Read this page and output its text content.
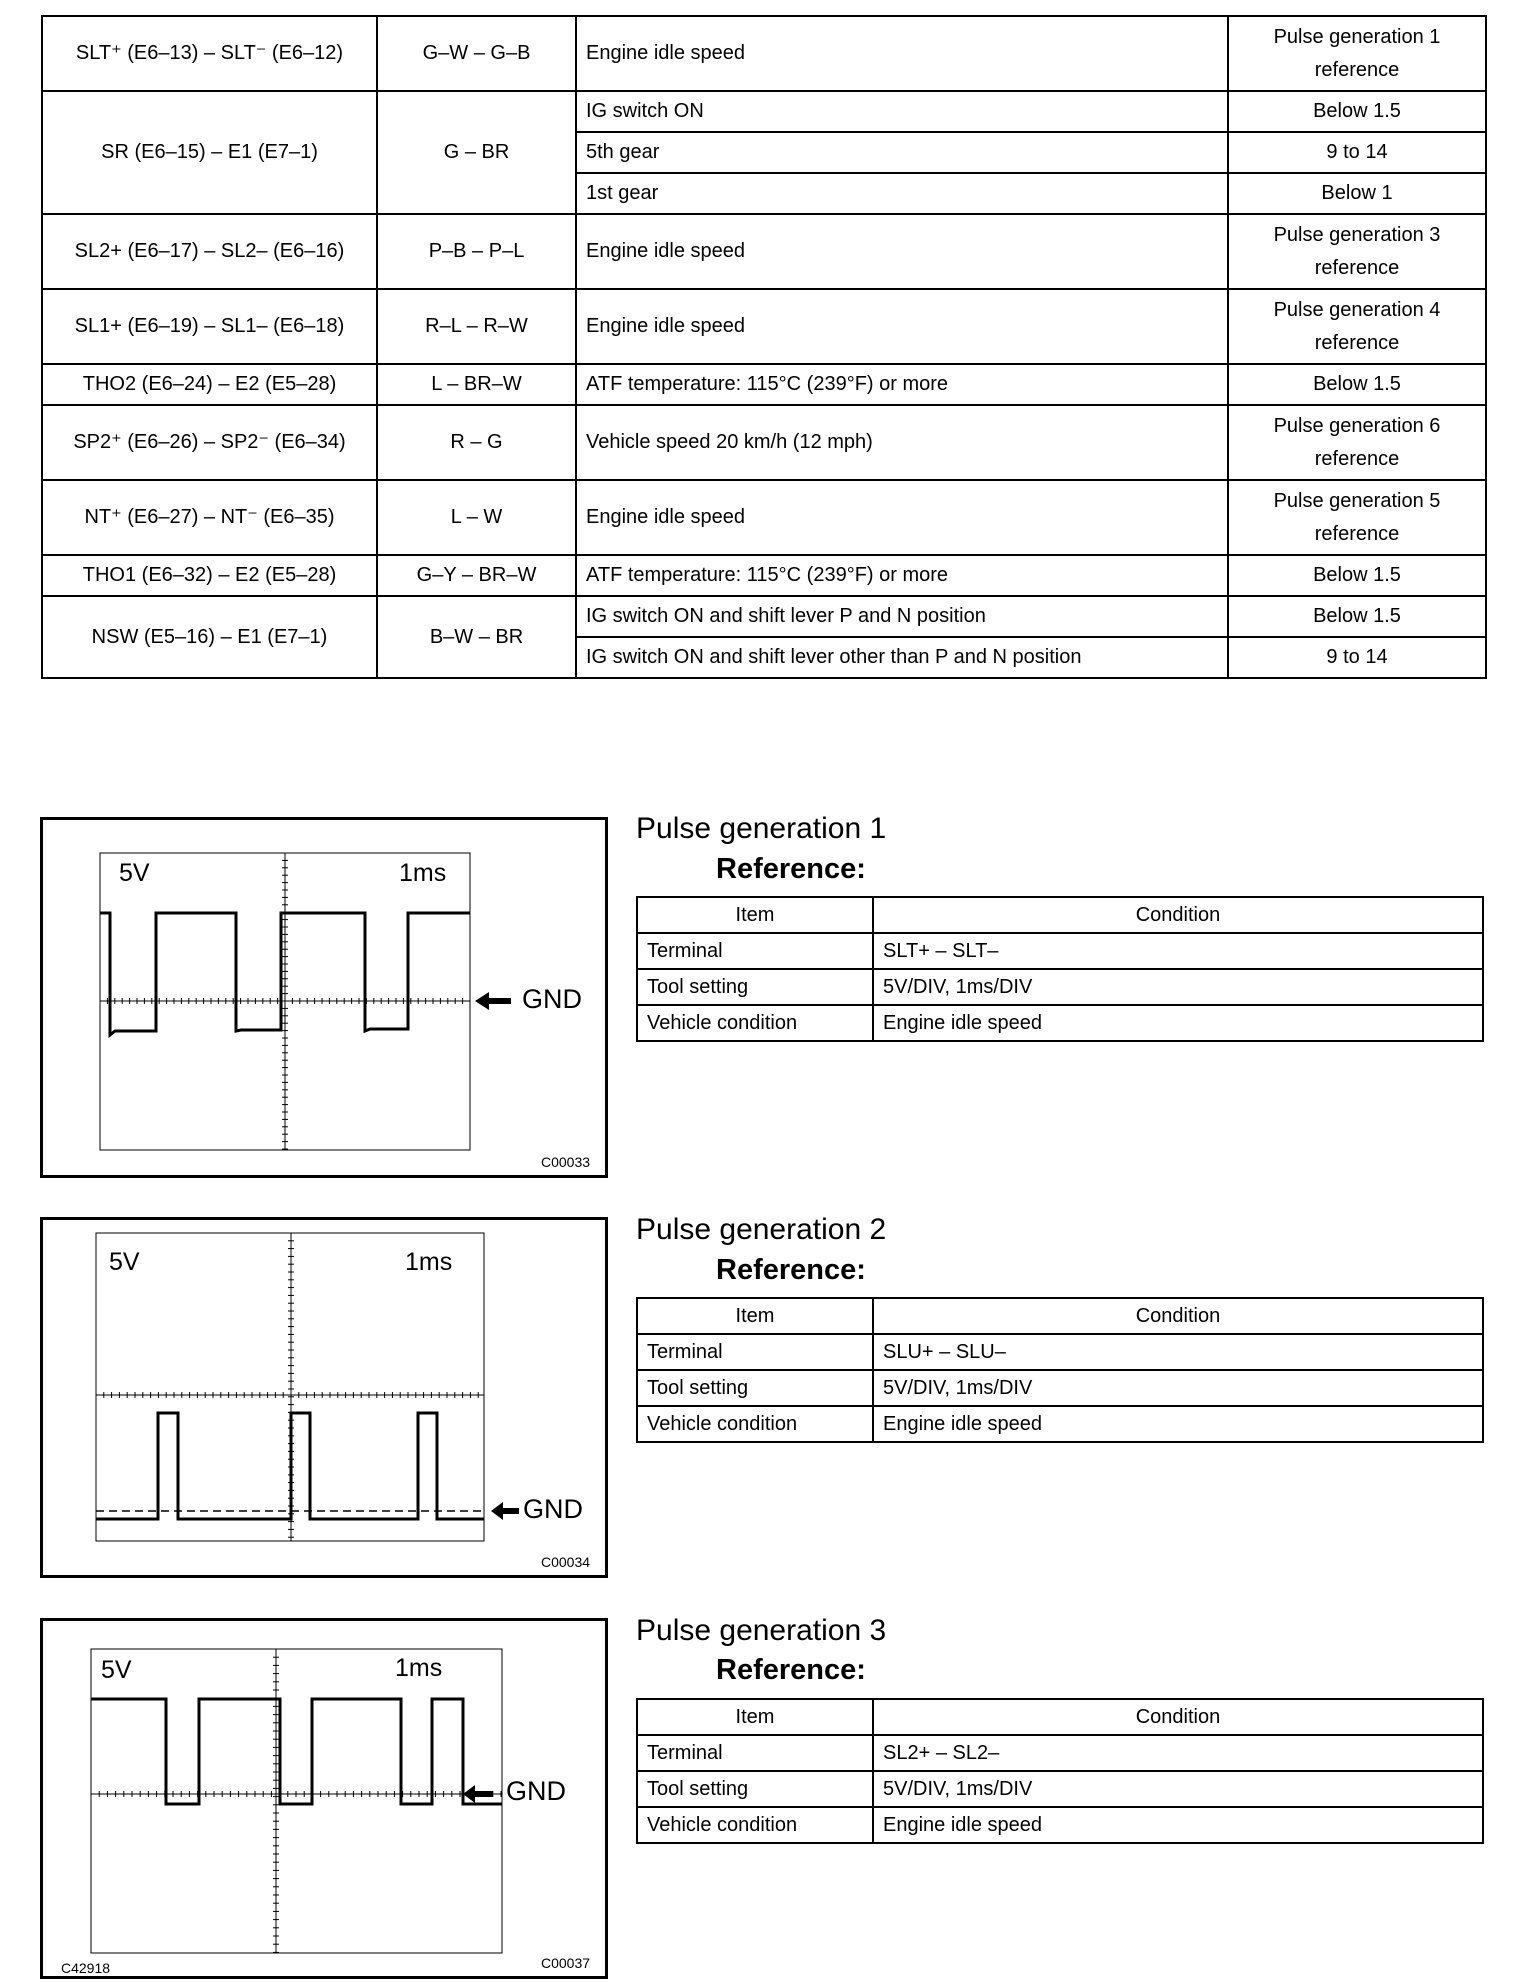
SLT⁺ (E6–13) – SLT⁻ (E6–12)	G–W – G–B	Engine idle speed	Pulse generation 1 reference
SR (E6–15) – E1 (E7–1)	G – BR	IG switch ON	Below 1.5
		5th gear	9 to 14
		1st gear	Below 1
SL2+ (E6–17) – SL2– (E6–16)	P–B – P–L	Engine idle speed	Pulse generation 3 reference
SL1+ (E6–19) – SL1– (E6–18)	R–L – R–W	Engine idle speed	Pulse generation 4 reference
THO2 (E6–24) – E2 (E5–28)	L – BR–W	ATF temperature: 115°C (239°F) or more	Below 1.5
SP2⁺ (E6–26) – SP2⁻ (E6–34)	R – G	Vehicle speed 20 km/h (12 mph)	Pulse generation 6 reference
NT⁺ (E6–27) – NT⁻ (E6–35)	L – W	Engine idle speed	Pulse generation 5 reference
THO1 (E6–32) – E2 (E5–28)	G–Y – BR–W	ATF temperature: 115°C (239°F) or more	Below 1.5
NSW (E5–16) – E1 (E7–1)	B–W – BR	IG switch ON and shift lever P and N position	Below 1.5
		IG switch ON and shift lever other than P and N position	9 to 14
5V	1ms
GND
C00033
Pulse generation 1
Reference:
Item	Condition
Terminal	SLT+ – SLT–
Tool setting	5V/DIV, 1ms/DIV
Vehicle condition	Engine idle speed
5V	1ms
GND
C00034
Pulse generation 2
Reference:
Item	Condition
Terminal	SLU+ – SLU–
Tool setting	5V/DIV, 1ms/DIV
Vehicle condition	Engine idle speed
5V	1ms
GND
C00037
C42918
Pulse generation 3
Reference:
Item	Condition
Terminal	SL2+ – SL2–
Tool setting	5V/DIV, 1ms/DIV
Vehicle condition	Engine idle speed
